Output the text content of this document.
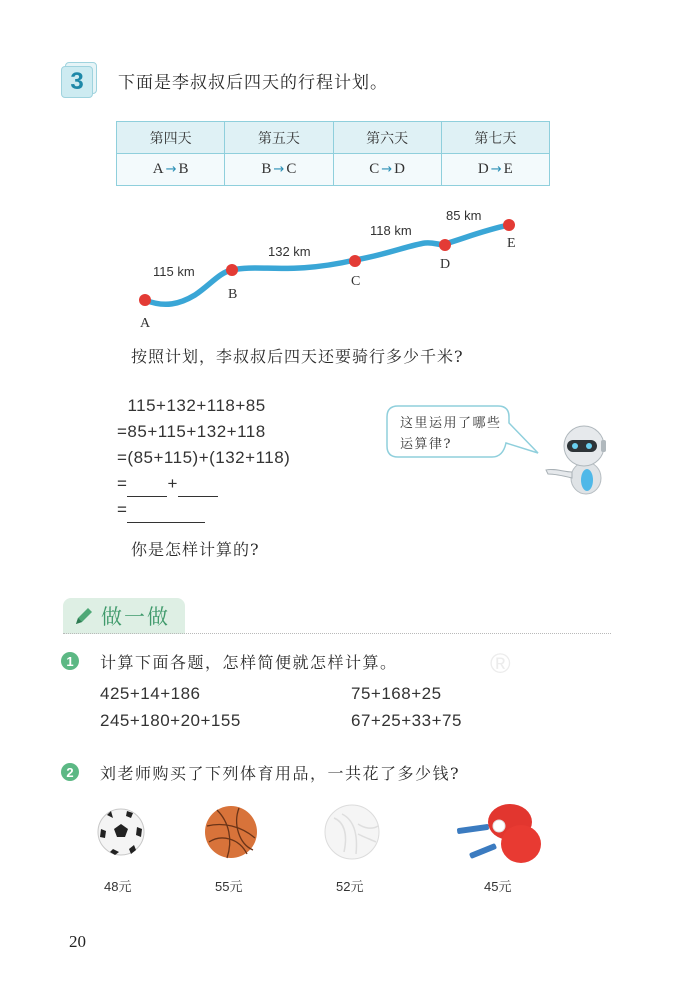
3	下面是李叔叔后四天的行程计划。
第四天	第五天	第六天	第七天
A → B	B → C	C → D	D → E
A
B
C
D
E
115 km
132 km
118 km
85 km
按照计划，李叔叔后四天还要骑行多少千米?
115+132+118+85
=85+115+132+118
=(85+115)+(132+118)
= +
=
这里运用了哪些
运算律?
你是怎样计算的?
做一做
®
1	计算下面各题，怎样简便就怎样计算。
425+14+186	75+168+25
245+180+20+155	67+25+33+75
2	刘老师购买了下列体育用品，一共花了多少钱?
48元	55元	52元	45元
20
